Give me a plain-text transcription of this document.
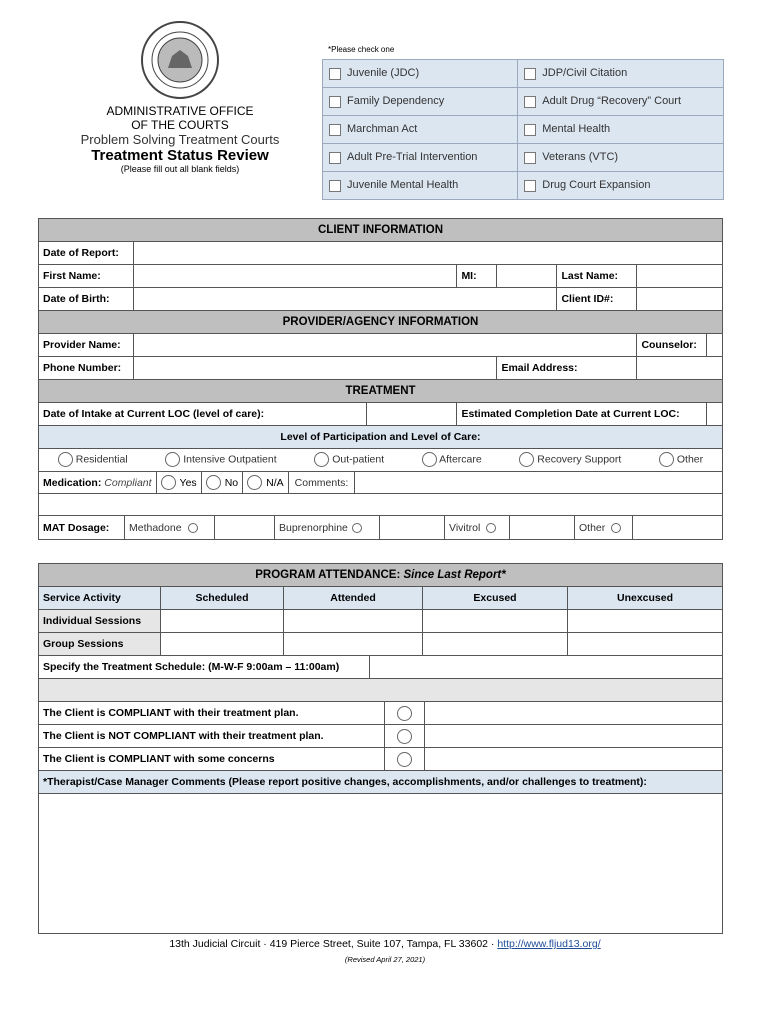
ADMINISTRATIVE OFFICE
OF THE COURTS
Problem Solving Treatment Courts
Treatment Status Review
(Please fill out all blank fields)
*Please check one
Juvenile (JDC)	JDP/Civil Citation
Family Dependency	Adult Drug “Recovery” Court
Marchman Act	Mental Health
Adult Pre-Trial Intervention	Veterans (VTC)
Juvenile Mental Health	Drug Court Expansion
CLIENT INFORMATION							
Date of Report:							
First Name:			MI:		Last Name:		
Date of Birth:					Client ID#:		
PROVIDER/AGENCY INFORMATION							
Provider Name:						Counselor:	
Phone Number:				Email Address:			
TREATMENT							
Date of Intake at Current LOC (level of care):			Estimated Completion Date at Current LOC:				
Level of Participation and Level of Care:							
Residential	Intensive Outpatient	Out-patient	Aftercare	Recovery Support	Other
Medication: Compliant	Yes	No	N/A	Comments:
MAT Dosage:	Methadone	Buprenorphine	Vivitrol	Other
PROGRAM ATTENDANCE: Since Last Report*				
Service Activity	Scheduled	Attended	Excused	Unexcused
Individual Sessions				
Group Sessions				
Specify the Treatment Schedule: (M-W-F 9:00am – 11:00am)
The Client is COMPLIANT with their treatment plan.
The Client is NOT COMPLIANT with their treatment plan.
The Client is COMPLIANT with some concerns
*Therapist/Case Manager Comments (Please report positive changes, accomplishments, and/or challenges to treatment):
13th Judicial Circuit · 419 Pierce Street, Suite 107, Tampa, FL 33602 · http://www.fljud13.org/
(Revised April 27, 2021)
